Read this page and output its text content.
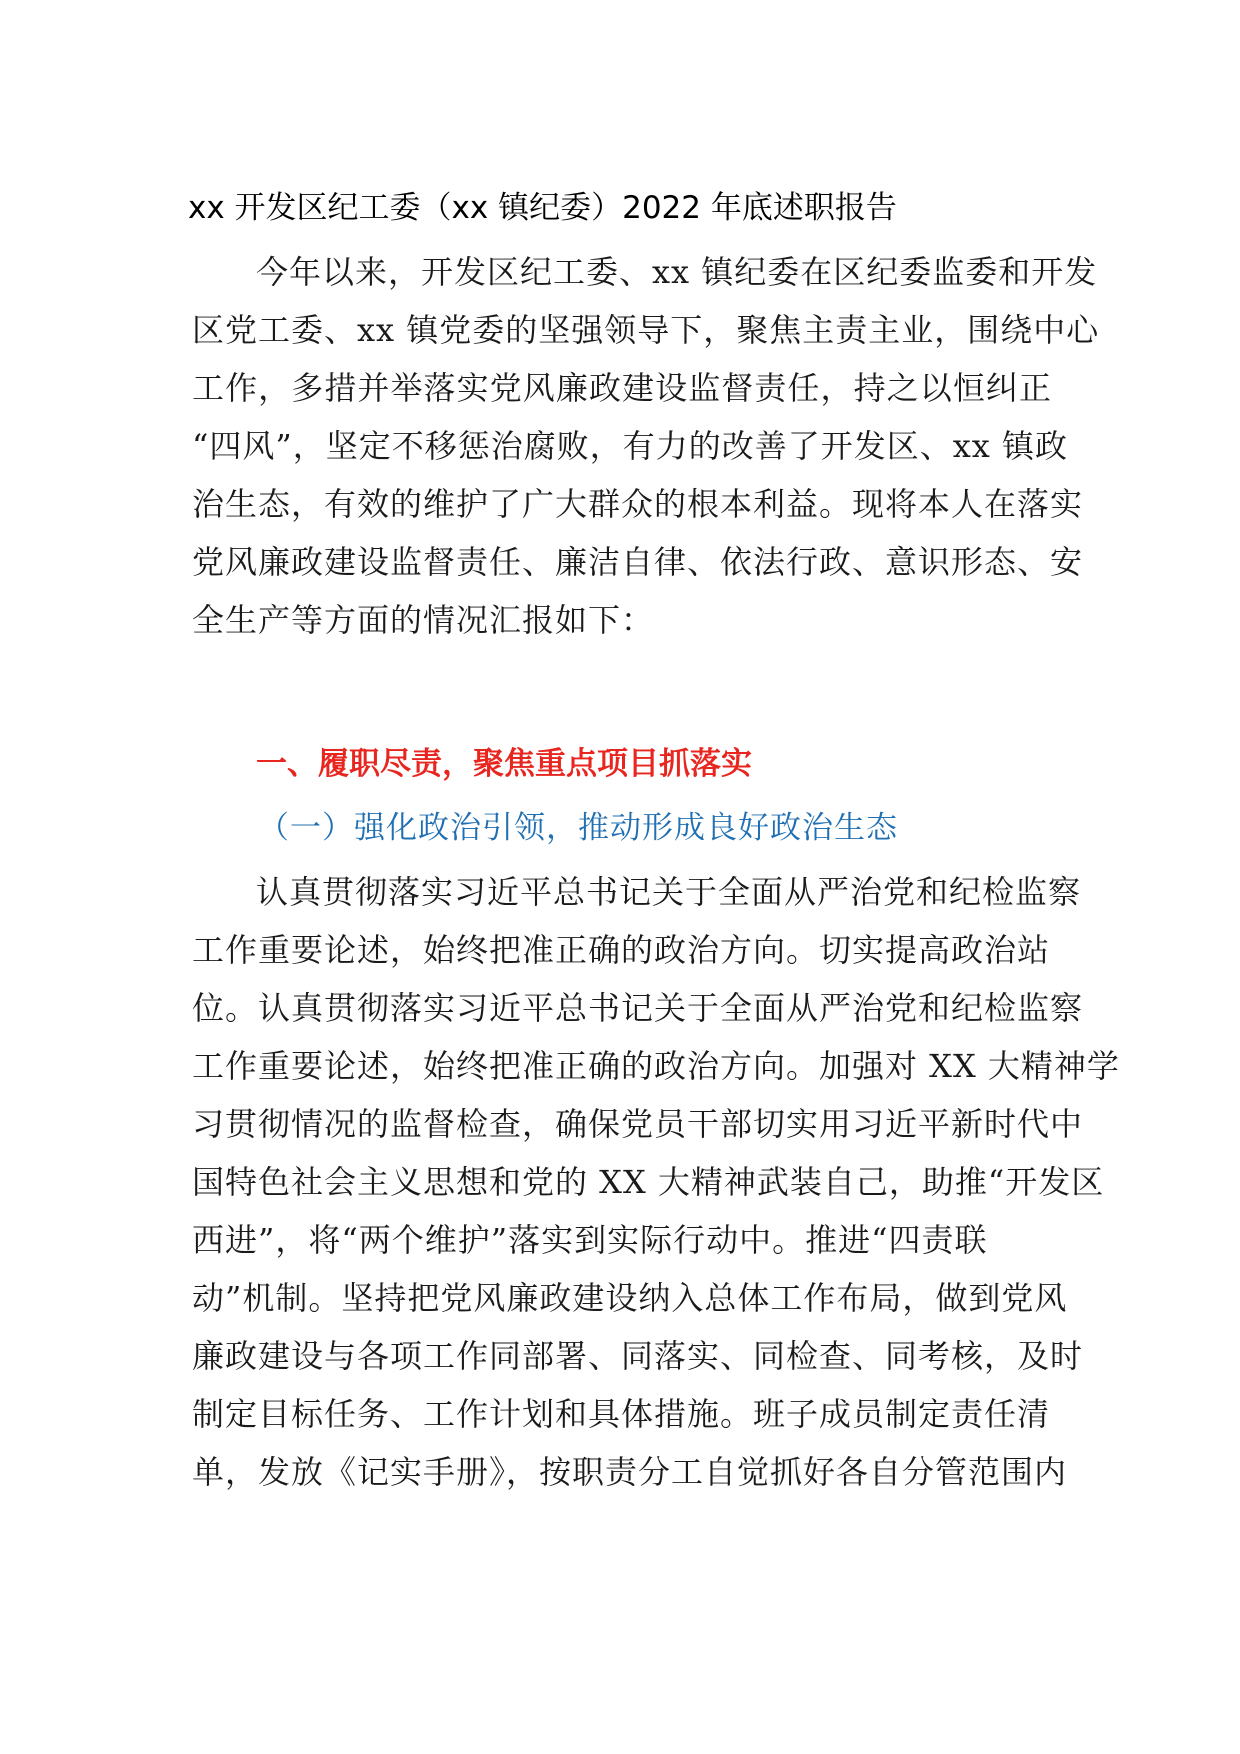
xx 开发区纪工委（xx 镇纪委）2022 年底述职报告
今年以来，开发区纪工委、xx 镇纪委在区纪委监委和开发
区党工委、xx 镇党委的坚强领导下，聚焦主责主业，围绕中心
工作，多措并举落实党风廉政建设监督责任，持之以恒纠正
“四风”，坚定不移惩治腐败，有力的改善了开发区、xx 镇政
治生态，有效的维护了广大群众的根本利益。现将本人在落实
党风廉政建设监督责任、廉洁自律、依法行政、意识形态、安
全生产等方面的情况汇报如下：
一、履职尽责，聚焦重点项目抓落实
（一）强化政治引领，推动形成良好政治生态
认真贯彻落实习近平总书记关于全面从严治党和纪检监察
工作重要论述，始终把准正确的政治方向。切实提高政治站
位。认真贯彻落实习近平总书记关于全面从严治党和纪检监察
工作重要论述，始终把准正确的政治方向。加强对 XX 大精神学
习贯彻情况的监督检查，确保党员干部切实用习近平新时代中
国特色社会主义思想和党的 XX 大精神武装自己，助推“开发区
西进”，将“两个维护”落实到实际行动中。推进“四责联
动”机制。坚持把党风廉政建设纳入总体工作布局，做到党风
廉政建设与各项工作同部署、同落实、同检查、同考核，及时
制定目标任务、工作计划和具体措施。班子成员制定责任清
单，发放《记实手册》，按职责分工自觉抓好各自分管范围内
